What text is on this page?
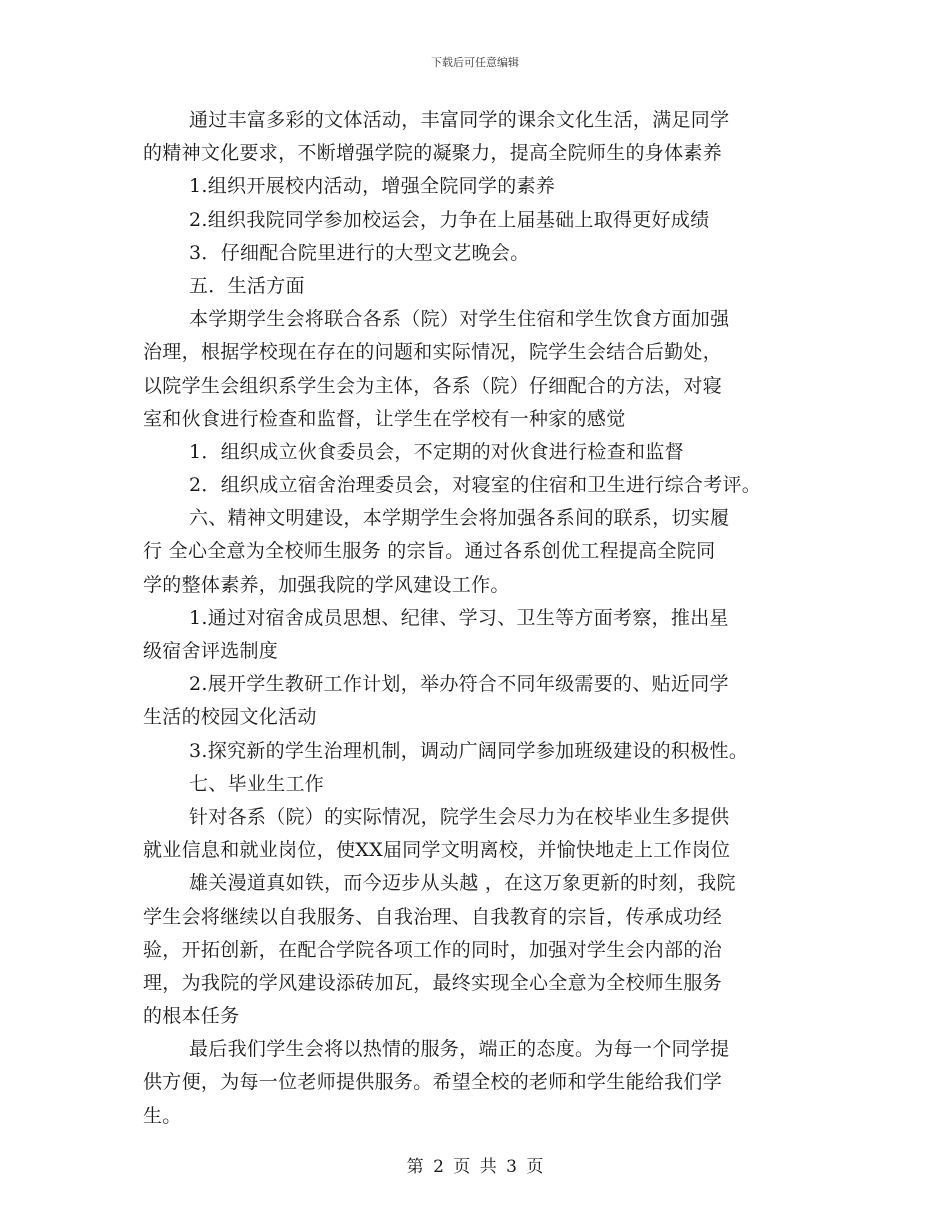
下载后可任意编辑
通过丰富多彩的文体活动，丰富同学的课余文化生活，满足同学
的精神文化要求，不断增强学院的凝聚力，提高全院师生的身体素养
1.组织开展校内活动，增强全院同学的素养
2.组织我院同学参加校运会，力争在上届基础上取得更好成绩
3．仔细配合院里进行的大型文艺晚会。
五．生活方面
本学期学生会将联合各系（院）对学生住宿和学生饮食方面加强
治理，根据学校现在存在的问题和实际情况，院学生会结合后勤处，
以院学生会组织系学生会为主体，各系（院）仔细配合的方法，对寝
室和伙食进行检查和监督，让学生在学校有一种家的感觉
1．组织成立伙食委员会，不定期的对伙食进行检查和监督
2．组织成立宿舍治理委员会，对寝室的住宿和卫生进行综合考评。
六、精神文明建设，本学期学生会将加强各系间的联系，切实履
行 全心全意为全校师生服务 的宗旨。通过各系创优工程提高全院同
学的整体素养，加强我院的学风建设工作。
1.通过对宿舍成员思想、纪律、学习、卫生等方面考察，推出星
级宿舍评选制度
2.展开学生教研工作计划，举办符合不同年级需要的、贴近同学
生活的校园文化活动
3.探究新的学生治理机制，调动广阔同学参加班级建设的积极性。
七、毕业生工作
针对各系（院）的实际情况，院学生会尽力为在校毕业生多提供
就业信息和就业岗位，使XX届同学文明离校，并愉快地走上工作岗位
雄关漫道真如铁，而今迈步从头越 ，在这万象更新的时刻，我院
学生会将继续以自我服务、自我治理、自我教育的宗旨，传承成功经
验，开拓创新，在配合学院各项工作的同时，加强对学生会内部的治
理，为我院的学风建设添砖加瓦，最终实现全心全意为全校师生服务
的根本任务
最后我们学生会将以热情的服务，端正的态度。为每一个同学提
供方便，为每一位老师提供服务。希望全校的老师和学生能给我们学
生。
第 2 页 共 3 页
